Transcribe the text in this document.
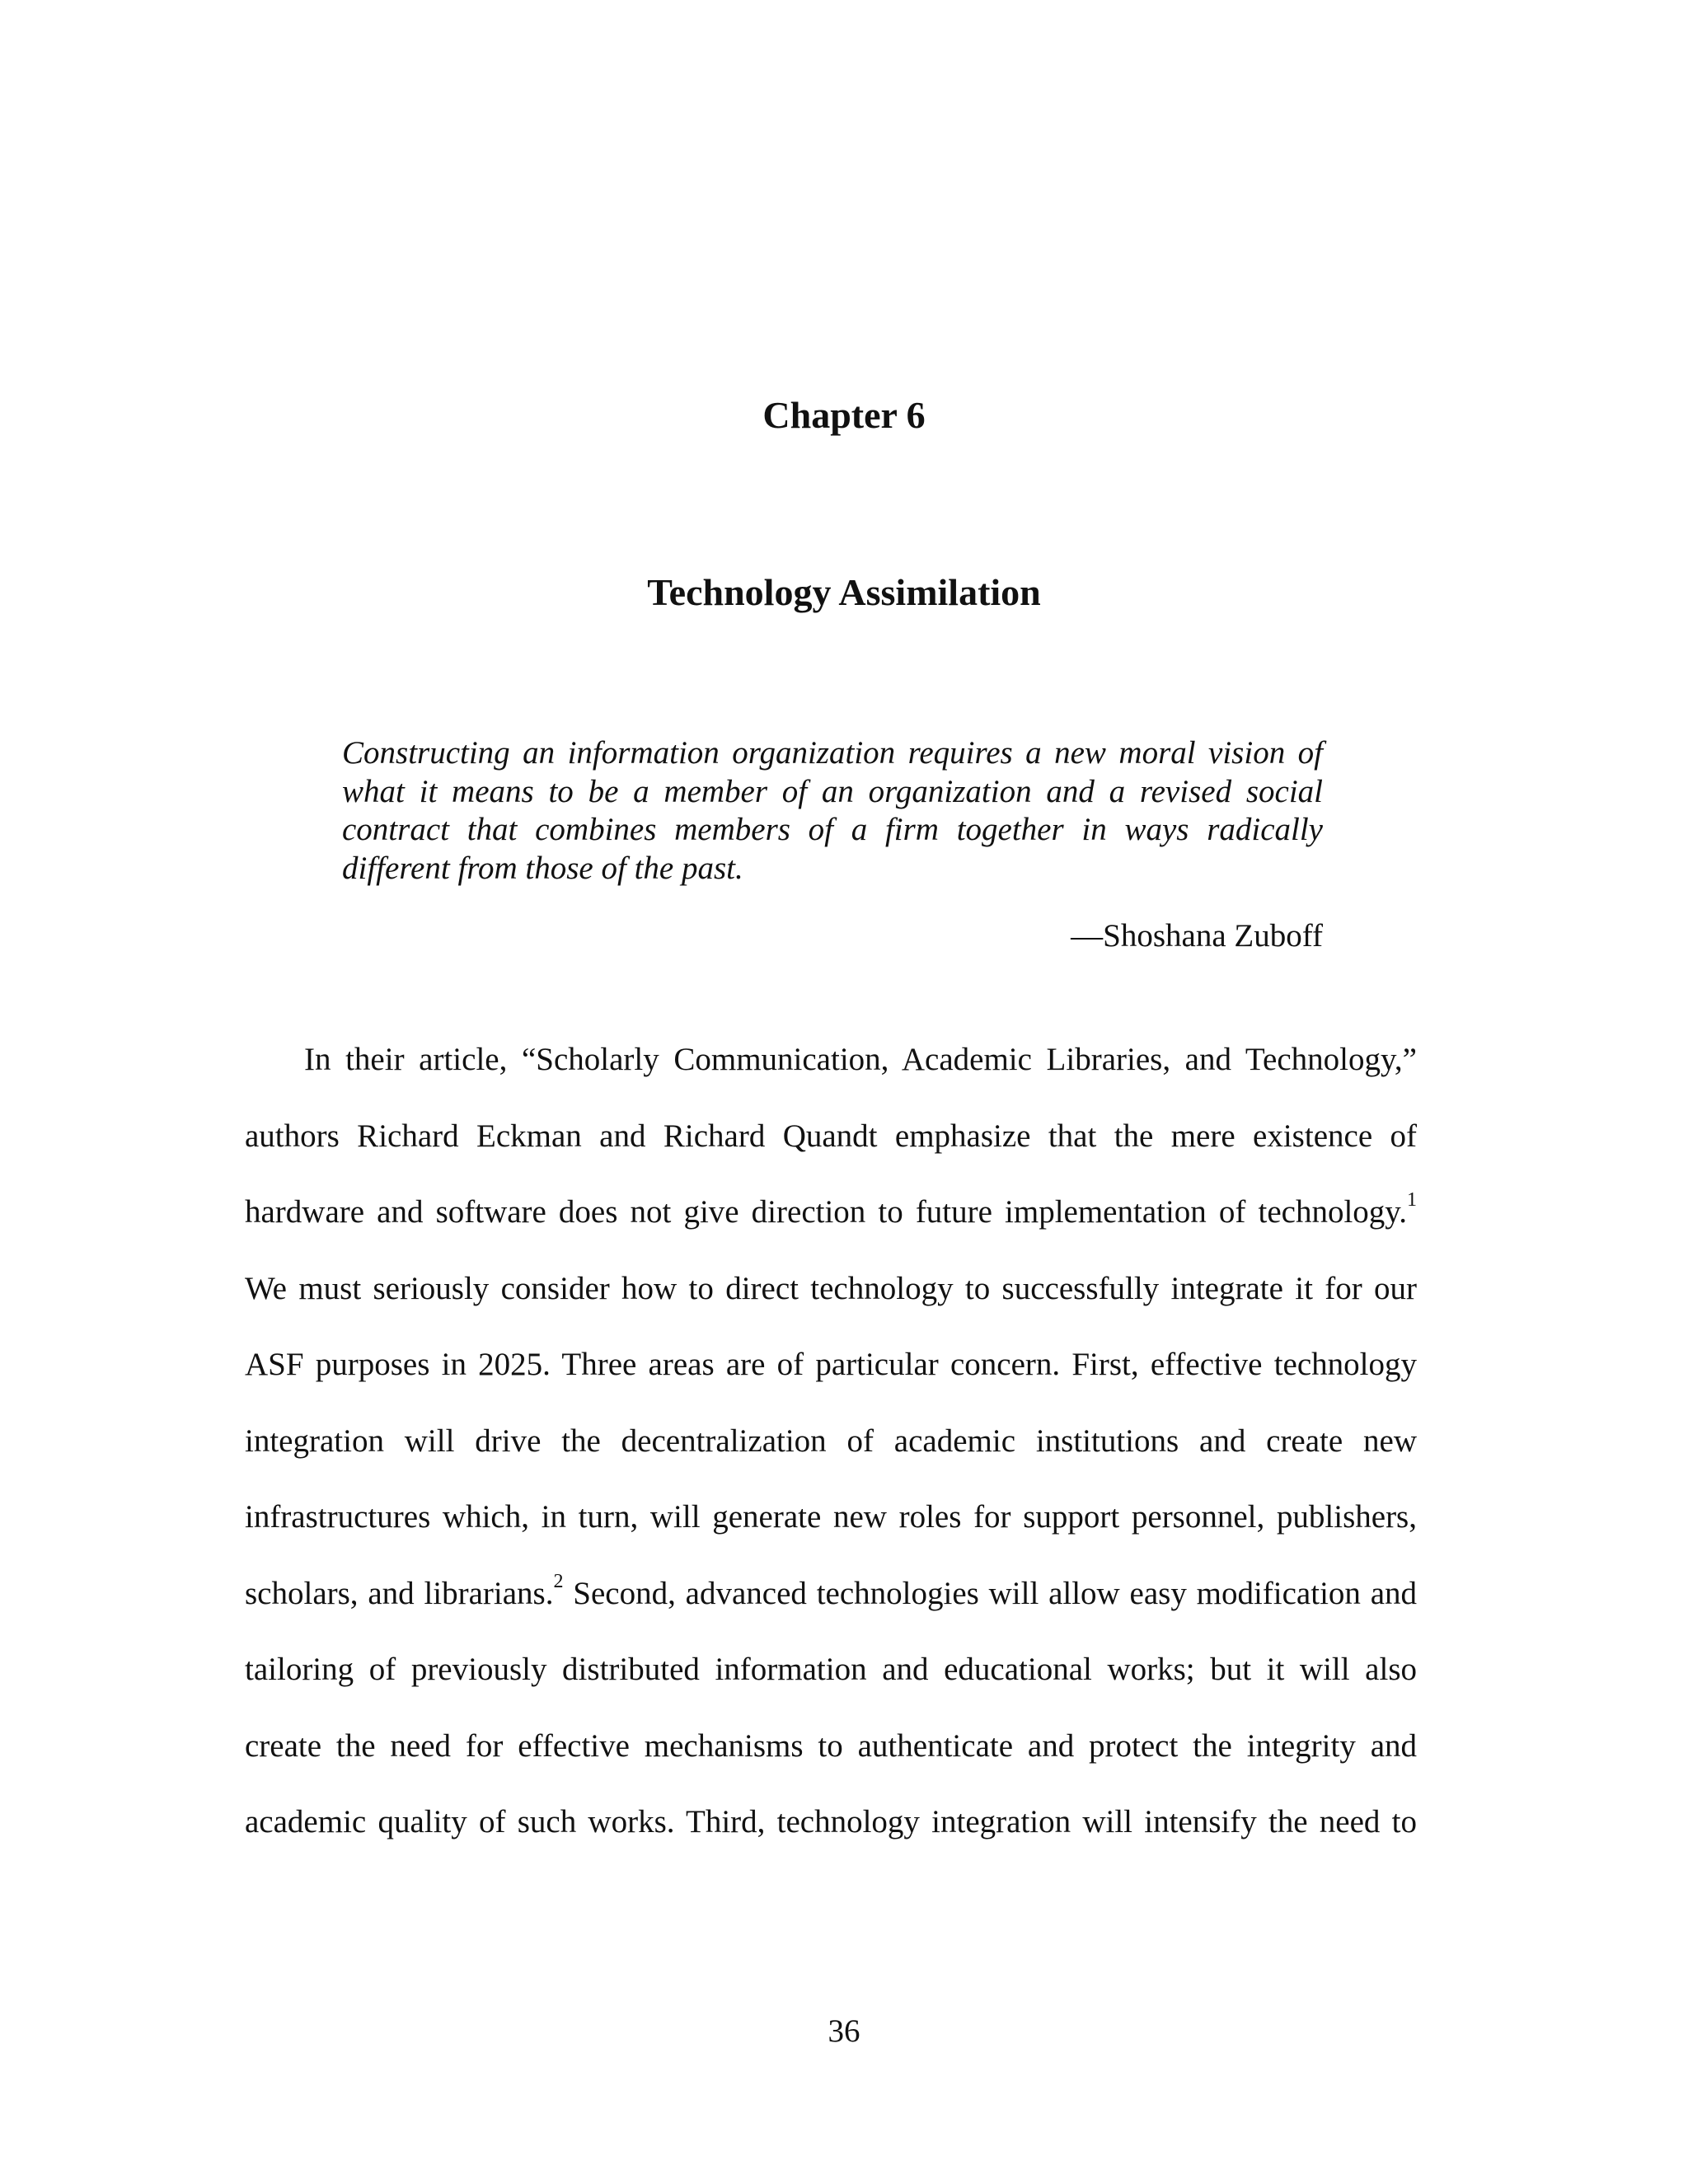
Chapter 6
Technology Assimilation
Constructing an information organization requires a new moral vision of
what it means to be a member of an organization and a revised social
contract that combines members of a firm together in ways radically
different from those of the past.
—Shoshana Zuboff
In their article, “Scholarly Communication, Academic Libraries, and Technology,”
authors Richard Eckman and Richard Quandt emphasize that the mere existence of
hardware and software does not give direction to future implementation of technology.$^1$
We must seriously consider how to direct technology to successfully integrate it for our
ASF purposes in 2025. Three areas are of particular concern. First, effective technology
integration will drive the decentralization of academic institutions and create new
infrastructures which, in turn, will generate new roles for support personnel, publishers,
scholars, and librarians.$^2$ Second, advanced technologies will allow easy modification and
tailoring of previously distributed information and educational works; but it will also
create the need for effective mechanisms to authenticate and protect the integrity and
academic quality of such works. Third, technology integration will intensify the need to
36
